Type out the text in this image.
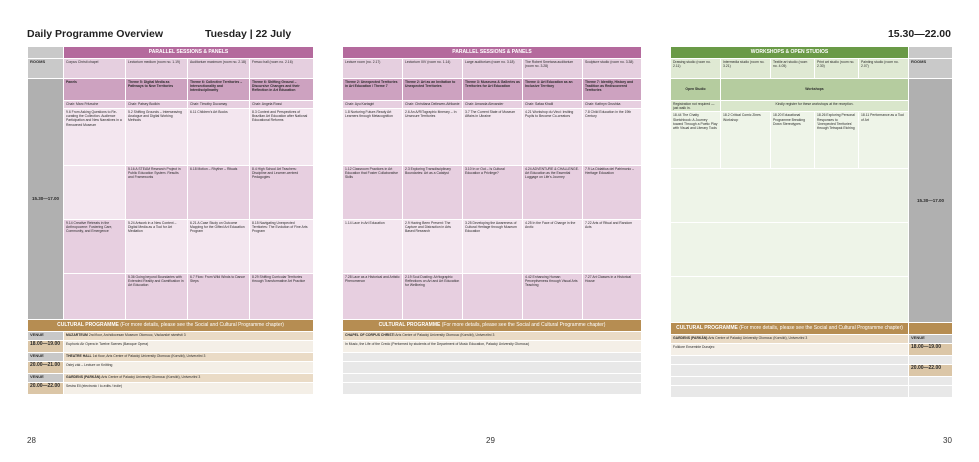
Daily Programme Overview	Tuesday | 22 July	15.30—22.00
28	29	30
	PARALLEL SESSIONS & PANELS			
ROOMS	Corpus Christi chapel	Lectorium medium (room no. 1.19)	Auditorium maximum (room no. 2.18)	Fresco hall (room no. 2.16)
15.30—17.00	Panels	Theme 5: Digital Media as Pathways to New Territories	Theme 6: Collective Territories – Intersectionality and Interdisciplinarity	Theme 6: Shifting Ground – Discursive Changes and their Reflection in Art Education
	Chair: Marc Fritzsche	Chair: Patsey Bodkin	Chair: Timothy Ducamay	Chair: Angela Rossi
	9.6 From Asking Questions to Re-curating the Collection. Audience Participation and New Narratives in a Renowned Museum	5.2 Shifting Grounds – Interweaving Analogue and Digital Working Methods	6.11 Children's Art Books	8.3 Context and Perspectives of Brazilian Art Education after National Educational Reforms
		5.16 A STEAM Research Project in Public Education System. Results and Frameworks	6.18 Motion – Rhythm – Rituals	8.4 High School Art Teachers: Discipline and Learner-centred Pedagogies
	9.14 Creative Retreats in the Anthropocene: Fostering Care, Community, and Emergence	5.24 Artwork in a New Context – Digital Media as a Tool for Art Mediation	6.21 A Case Study on Outcome Mapping for the Gifted Art Education Program	8.15 Navigating Unexpected Territories: The Evolution of Fine Arts Program
		5.36 Going beyond Boundaries with Extended Reality and Gamification in Art Education	6.7 Flow: From Wild Winds to Dance Steps	8.29 Shifting Curricular Territories through Transformative Art Practice
CULTURAL PROGRAMME (For more details, please see the Social and Cultural Programme chapter)				
VENUE	MUZARTEUM 2nd floor, Archdiocesan Museum Olomouc, Václavské náměstí 3			
18.00—19.00	Euphoric Air Opera in Twelve Scenes (Baroque Opera)			
VENUE	THEATRE HALL 1st floor, Arts Centre of Palacký University Olomouc (Konvikt), Univerzitní 3			
20.00—21.00	Ostrý zák – Lecture on Knitting			
VENUE	GARDENS (PARKÁN) Arts Centre of Palacký University Olomouc (Konvikt), Univerzitní 3			
20.00—22.00	Sestra Ell (electronic / lo-edits / indie)			
PARALLEL SESSIONS & PANELS				
Lecture room (no. 2.17)	Lectorium XIV (room no. 1.14)	Large auditorium (room no. 3.18)	The Robert Smetana auditorium (room no. 3.28)	Sculpture studio (room no. 3.38)
Theme 2: Unexpected Territories in Art Education / Theme 7	Theme 2: Art as an Invitation to Unexpected Territories	Theme 3: Museums & Galleries as Territories for Art Education	Theme 4: Art Education as an Inclusive Territory	Theme 7: Identity, History and Tradition as Rediscovered Territories
Chair: Ayu Kartagiri	Chair: Christiana Deliewen-Afrikanie	Chair: Amanda Alexander	Chair: Safaa Khalil	Chair: Kathryn Grushka
1.8 Nurturing Future-Ready Art Learners through Metacognition	2.6 An A/R/Tographic Itinerary – In Unsecure Territories	3.7 The Current State of Museum Affairs in Ukraine	4.21 Workshop du Vinci: Inviting Pupils to Become Co-creators	7.8 Child Education in the 19th Century
1.12 Classroom Practices in Art Education that Foster Collaborative Skills	2.3 Exploring Transdisciplinary Boundaries: Art as a Catalyst	3.10 In or Out – Is Cultural Education a Privilege?	4.24 ADVENTURE & CHALLENGE. Art Education as the Essential Luggage on Life's Journey	7.9 La Didattica del Patrimonio – Heritage Education
1.14 Lace in Art Education	2.9 Having Been Present: The Capture and Distraction in Arts Based Research	3.25 Developing the Awareness of Cultural Heritage through Museum Education	4.25 In the Face of Change in the Arctic	7.22 Arts of Ritual and Random Acts
7.28 Lace as a Historical and Artistic Phenomenon	2.19 Soul Dusting: A/r/tographic Reflections on Art and Art Education for Wellbeing		4.42 Enhancing Human Perceptiveness through Visual Arts Teaching	7.27 Art Classes in a Historical House
CULTURAL PROGRAMME (For more details, please see the Social and Cultural Programme chapter)				
CHAPEL OF CORPUS CHRISTI Arts Centre of Palacký University Olomouc (Konvikt), Univerzitní 3				
In Music, the Life of the Credo (Performed by students of the Department of Music Education, Palacký University Olomouc)				

WORKSHOPS & OPEN STUDIOS					
Drawing studio (room no. 2.11)	Intermedia studio (room no. 3.21)	Textile art studio (room no. 4.05)	Print art studio (room no. 2.30)	Painting studio (room no. 2.07)	ROOMS
Open Studio	Workshops				15.30—17.00
Registration not required — just walk in.	Kindly register for these workshops at the reception.				
18.44 The Chatty Sketchbook: A Journey toward Through a Poetic Play with Visual and Literary Tools	18.2 Critical Comic Zines Workshop	18.20 Educational Programme Breaking Down Stereotypes	18.26 Exploring Personal Responses to 'Unexpected Territories' through Tetrapak Etching	18.11 Performance as a Tool of Art	

CULTURAL PROGRAMME (For more details, please see the Social and Cultural Programme chapter)					
GARDENS (PARKÁN) Arts Centre of Palacký University Olomouc (Konvikt), Univerzitní 3					VENUE
Folklore Ensemble Dunajec					18.00—19.00

					20.00—22.00
